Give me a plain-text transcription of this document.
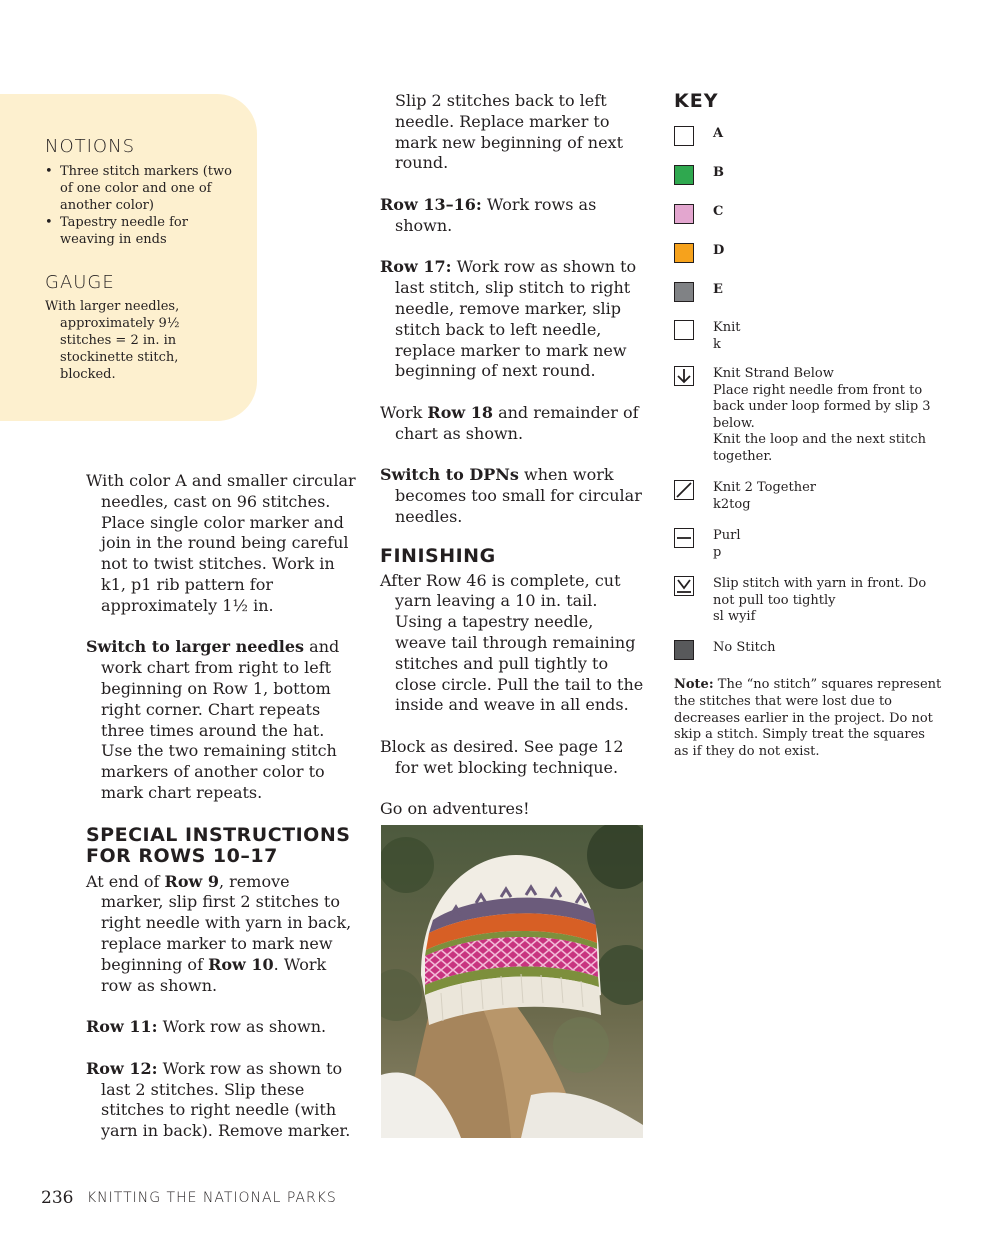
NOTIONS
• Three stitch markers (two of one color and one of another color)
• Tapestry needle for weaving in ends
GAUGE
With larger needles, approximately 9½ stitches = 2 in. in stockinette stitch, blocked.

With color A and smaller circular needles, cast on 96 stitches. Place single color marker and join in the round being careful not to twist stitches. Work in k1, p1 rib pattern for approximately 1½ in.

Switch to larger needles and work chart from right to left beginning on Row 1, bottom right corner. Chart repeats three times around the hat. Use the two remaining stitch markers of another color to mark chart repeats.

SPECIAL INSTRUCTIONS FOR ROWS 10–17

At end of Row 9, remove marker, slip first 2 stitches to right needle with yarn in back, replace marker to mark new beginning of Row 10. Work row as shown.

Row 11: Work row as shown.

Row 12: Work row as shown to last 2 stitches. Slip these stitches to right needle (with yarn in back). Remove marker.

Slip 2 stitches back to left needle. Replace marker to mark new beginning of next round.

Row 13–16: Work rows as shown.

Row 17: Work row as shown to last stitch, slip stitch to right needle, remove marker, slip stitch back to left needle, replace marker to mark new beginning of next round.

Work Row 18 and remainder of chart as shown.

Switch to DPNs when work becomes too small for circular needles.

FINISHING

After Row 46 is complete, cut yarn leaving a 10 in. tail. Using a tapestry needle, weave tail through remaining stitches and pull tightly to close circle. Pull the tail to the inside and weave in all ends.

Block as desired. See page 12 for wet blocking technique.

Go on adventures!

KEY
A
B
C
D
E
Knit
k
Knit Strand Below
Place right needle from front to back under loop formed by slip 3 below.
Knit the loop and the next stitch together.
Knit 2 Together
k2tog
Purl
p
Slip stitch with yarn in front. Do not pull too tightly
sl wyif
No Stitch
Note: The “no stitch” squares represent the stitches that were lost due to decreases earlier in the project. Do not skip a stitch. Simply treat the squares as if they do not exist.
236 KNITTING THE NATIONAL PARKS
